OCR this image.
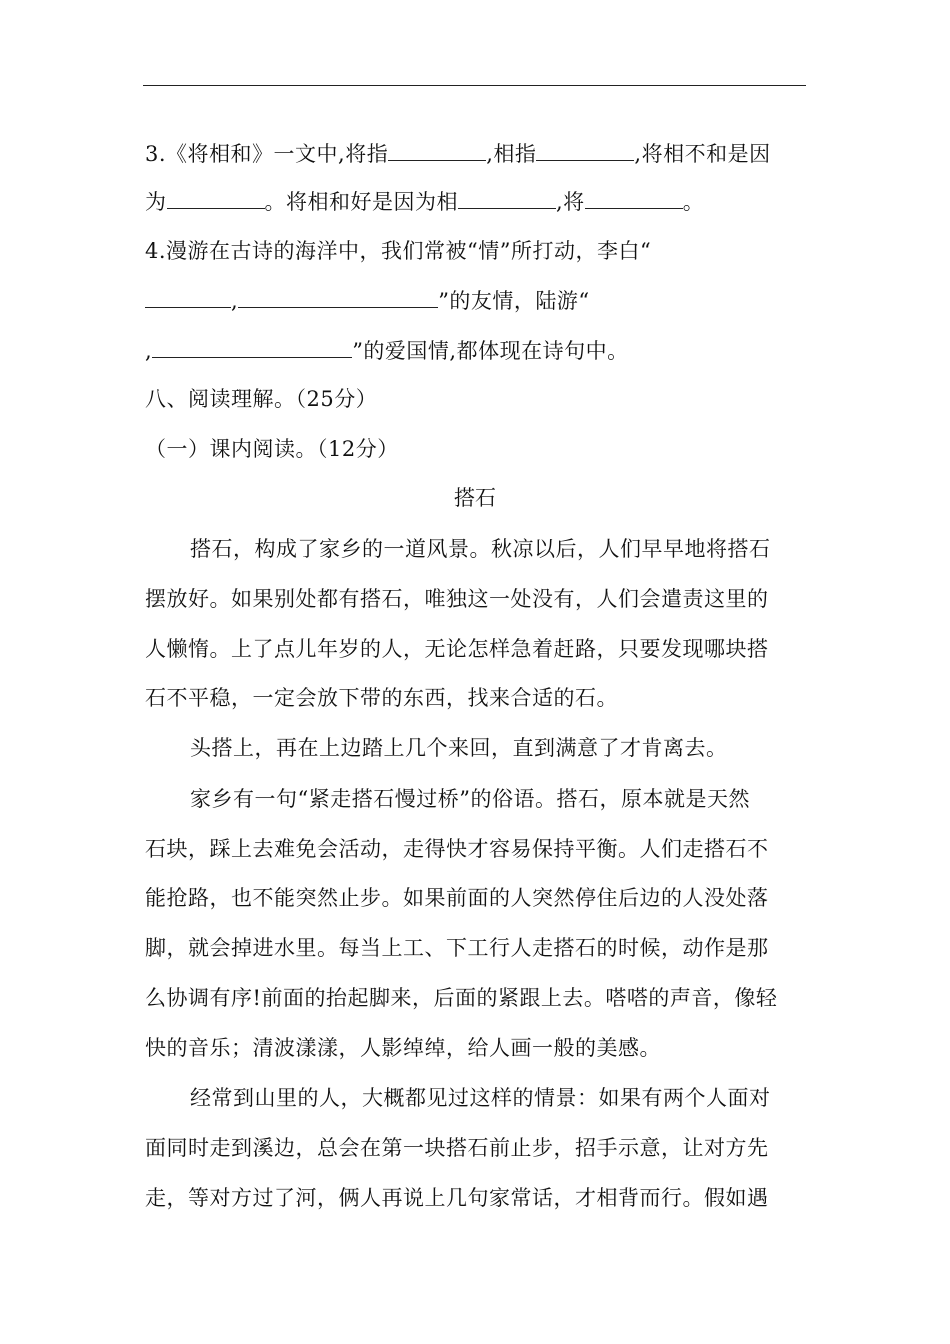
3.《将相和》一文中,将指	,相指	,将相不和是因
为	。将相和好是因为相	,将	。
4.漫游在古诗的海洋中，我们常被“情”所打动，李白“
,	”的友情，陆游“
,	”的爱国情,都体现在诗句中。
八、阅读理解。（25分）
（一）课内阅读。（12分）
搭石
搭石，构成了家乡的一道风景。秋凉以后，人们早早地将搭石
摆放好。如果别处都有搭石，唯独这一处没有，人们会遣责这里的
人懒惰。上了点儿年岁的人，无论怎样急着赶路，只要发现哪块搭
石不平稳，一定会放下带的东西，找来合适的石。
头搭上，再在上边踏上几个来回，直到满意了才肯离去。
家乡有一句“紧走搭石慢过桥”的俗语。搭石，原本就是天然
石块，踩上去难免会活动，走得快才容易保持平衡。人们走搭石不
能抢路，也不能突然止步。如果前面的人突然停住后边的人没处落
脚，就会掉进水里。每当上工、下工行人走搭石的时候，动作是那
么协调有序!前面的抬起脚来，后面的紧跟上去。嗒嗒的声音，像轻
快的音乐；清波漾漾，人影绰绰，给人画一般的美感。
经常到山里的人，大概都见过这样的情景：如果有两个人面对
面同时走到溪边，总会在第一块搭石前止步，招手示意，让对方先
走，等对方过了河，俩人再说上几句家常话，才相背而行。假如遇
